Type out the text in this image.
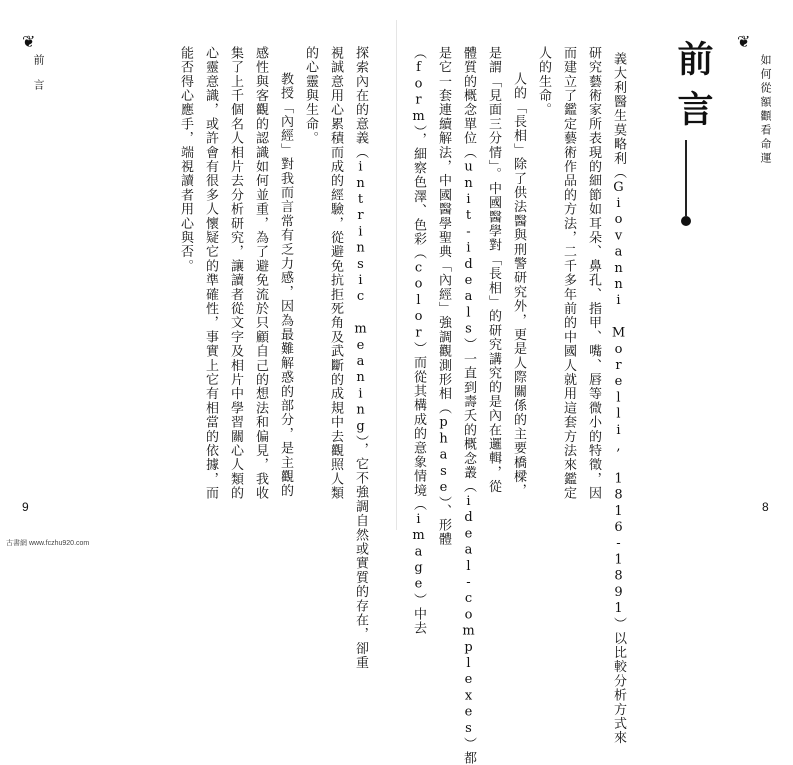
❦
如何從額顴看命運
前言
義大利醫生莫略利（Giovanni Morelli, 1816-1891）以比較分析方式來
研究藝術家所表現的細節如耳朵、鼻孔、指甲、嘴、唇等微小的特徵，因
而建立了鑑定藝術作品的方法，二千多年前的中國人就用這套方法來鑑定
人的生命。
人的「長相」除了供法醫與刑警研究外，更是人際關係的主要橋樑，
是謂「見面三分情」。中國醫學對「長相」的研究講究的是內在邏輯，從
體質的概念單位（unit-ideals）一直到壽夭的概念叢（ideal-complexes）都
是它一套連續解法，中國醫學聖典「內經」強調觀測形相（phase）、形體
（form），細察色澤、色彩（color）而從其構成的意象情境（image）中去	8
❦
前言	探索內在的意義（intrinsic meaning），它不強調自然或實質的存在，卻重
視誠意用心累積而成的經驗，從避免抗拒死角及武斷的成規中去觀照人類
的心靈與生命。
教授「內經」對我而言常有乏力感，因為最難解惑的部分，是主觀的
感性與客觀的認識如何並重，為了避免流於只顧自己的想法和偏見，我收
集了上千個名人相片去分析研究，讓讀者從文字及相片中學習關心人類的
心靈意識，或許會有很多人懷疑它的準確性，事實上它有相當的依據，而
能否得心應手，端視讀者用心與否。
9
古書網 www.fczhu920.com
